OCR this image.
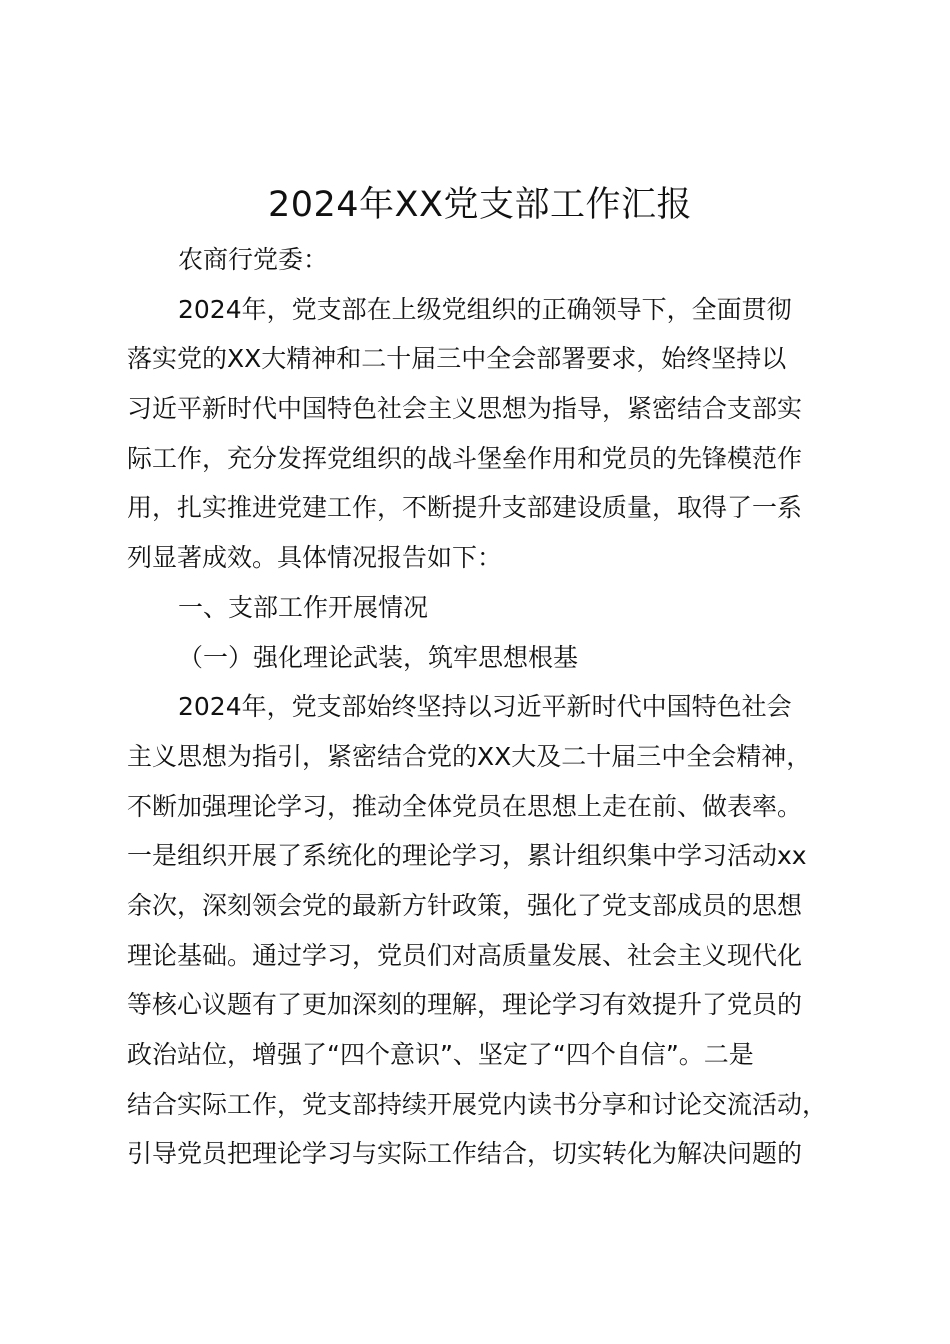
2024年XX党支部工作汇报
农商行党委：
2024年，党支部在上级党组织的正确领导下，全面贯彻
落实党的XX大精神和二十届三中全会部署要求，始终坚持以
习近平新时代中国特色社会主义思想为指导，紧密结合支部实
际工作，充分发挥党组织的战斗堡垒作用和党员的先锋模范作
用，扎实推进党建工作，不断提升支部建设质量，取得了一系
列显著成效。具体情况报告如下：
一、支部工作开展情况
（一）强化理论武装，筑牢思想根基
2024年，党支部始终坚持以习近平新时代中国特色社会
主义思想为指引，紧密结合党的XX大及二十届三中全会精神，
不断加强理论学习，推动全体党员在思想上走在前、做表率。
一是组织开展了系统化的理论学习，累计组织集中学习活动xx
余次，深刻领会党的最新方针政策，强化了党支部成员的思想
理论基础。通过学习，党员们对高质量发展、社会主义现代化
等核心议题有了更加深刻的理解，理论学习有效提升了党员的
政治站位，增强了“四个意识”、坚定了“四个自信”。二是
结合实际工作，党支部持续开展党内读书分享和讨论交流活动，
引导党员把理论学习与实际工作结合，切实转化为解决问题的
